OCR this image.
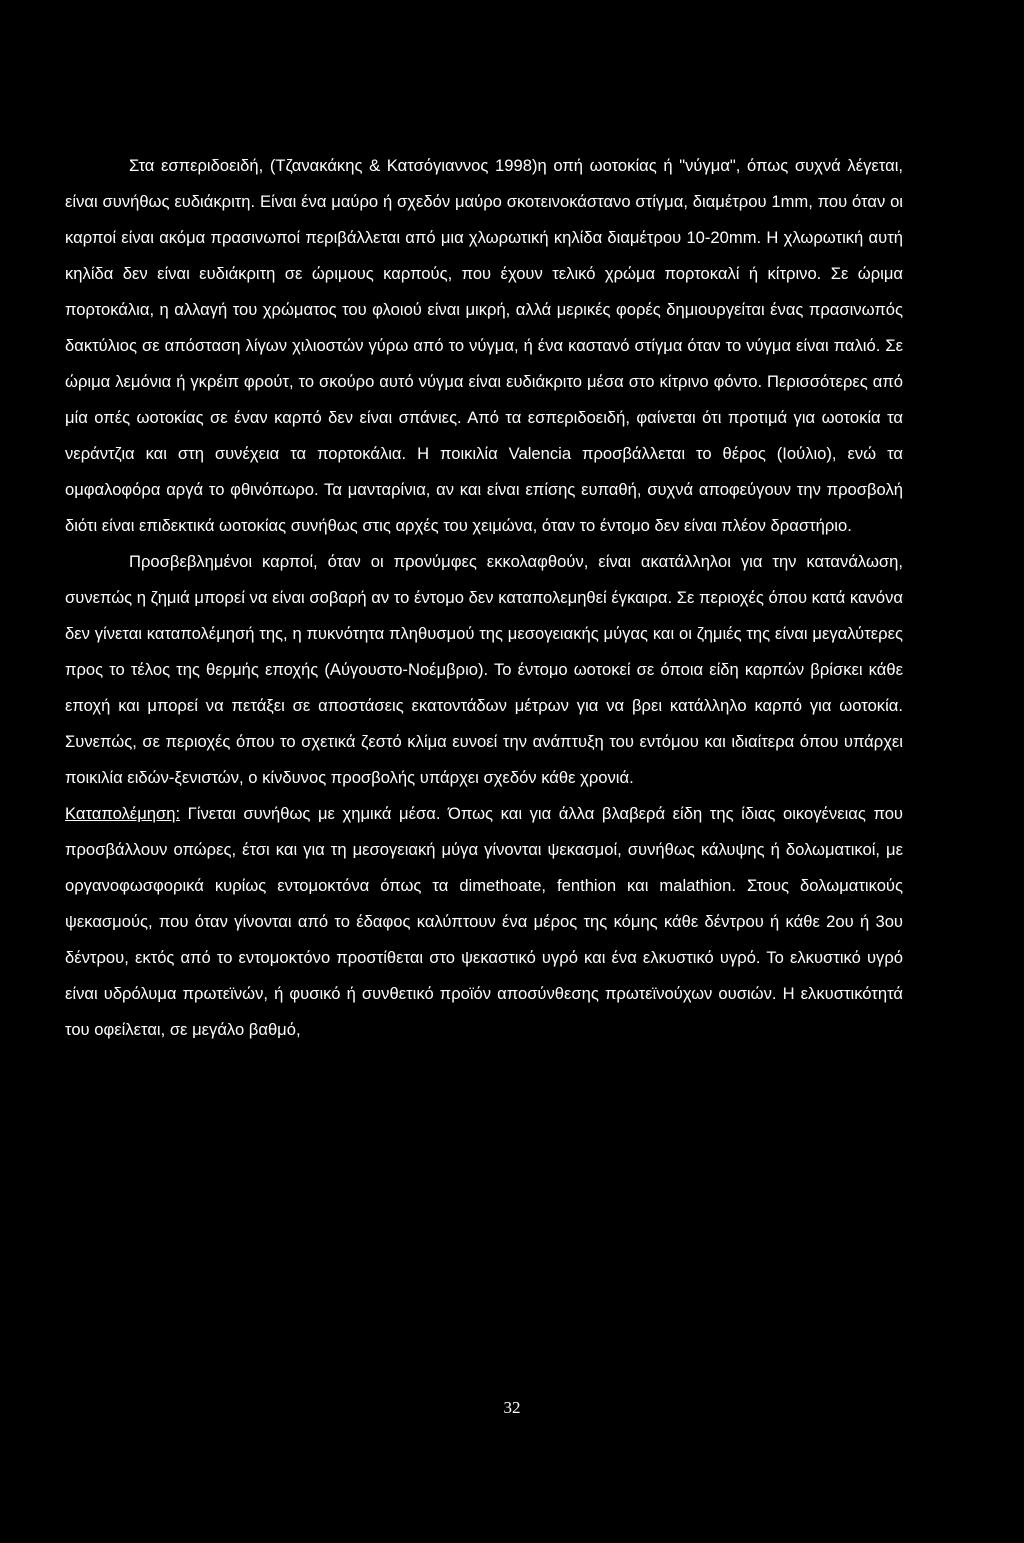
Στα εσπεριδοειδή, (Τζανακάκης & Κατσόγιαννος 1998)η οπή ωοτοκίας ή "νύγμα", όπως συχνά λέγεται, είναι συνήθως ευδιάκριτη. Είναι ένα μαύρο ή σχεδόν μαύρο σκοτεινοκάστανο στίγμα, διαμέτρου 1mm, που όταν οι καρποί είναι ακόμα πρασινωποί περιβάλλεται από μια χλωρωτική κηλίδα διαμέτρου 10-20mm. Η χλωρωτική αυτή κηλίδα δεν είναι ευδιάκριτη σε ώριμους καρπούς, που έχουν τελικό χρώμα πορτοκαλί ή κίτρινο. Σε ώριμα πορτοκάλια, η αλλαγή του χρώματος του φλοιού είναι μικρή, αλλά μερικές φορές δημιουργείται ένας πρασινωπός δακτύλιος σε απόσταση λίγων χιλιοστών γύρω από το νύγμα, ή ένα καστανό στίγμα όταν το νύγμα είναι παλιό. Σε ώριμα λεμόνια ή γκρέιπ φρούτ, το σκούρο αυτό νύγμα είναι ευδιάκριτο μέσα στο κίτρινο φόντο. Περισσότερες από μία οπές ωοτοκίας σε έναν καρπό δεν είναι σπάνιες. Από τα εσπεριδοειδή, φαίνεται ότι προτιμά για ωοτοκία τα νεράντζια και στη συνέχεια τα πορτοκάλια. Η ποικιλία Valencia προσβάλλεται το θέρος (Ιούλιο), ενώ τα ομφαλοφόρα αργά το φθινόπωρο. Τα μανταρίνια, αν και είναι επίσης ευπαθή, συχνά αποφεύγουν την προσβολή διότι είναι επιδεκτικά ωοτοκίας συνήθως στις αρχές του χειμώνα, όταν το έντομο δεν είναι πλέον δραστήριο.

Προσβεβλημένοι καρποί, όταν οι προνύμφες εκκολαφθούν, είναι ακατάλληλοι για την κατανάλωση, συνεπώς η ζημιά μπορεί να είναι σοβαρή αν το έντομο δεν καταπολεμηθεί έγκαιρα. Σε περιοχές όπου κατά κανόνα δεν γίνεται καταπολέμησή της, η πυκνότητα πληθυσμού της μεσογειακής μύγας και οι ζημιές της είναι μεγαλύτερες προς το τέλος της θερμής εποχής (Αύγουστο-Νοέμβριο). Το έντομο ωοτοκεί σε όποια είδη καρπών βρίσκει κάθε εποχή και μπορεί να πετάξει σε αποστάσεις εκατοντάδων μέτρων για να βρει κατάλληλο καρπό για ωοτοκία. Συνεπώς, σε περιοχές όπου το σχετικά ζεστό κλίμα ευνοεί την ανάπτυξη του εντόμου και ιδιαίτερα όπου υπάρχει ποικιλία ειδών-ξενιστών, ο κίνδυνος προσβολής υπάρχει σχεδόν κάθε χρονιά.

Καταπολέμηση: Γίνεται συνήθως με χημικά μέσα. Όπως και για άλλα βλαβερά είδη της ίδιας οικογένειας που προσβάλλουν οπώρες, έτσι και για τη μεσογειακή μύγα γίνονται ψεκασμοί, συνήθως κάλυψης ή δολωματικοί, με οργανοφωσφορικά κυρίως εντομοκτόνα όπως τα dimethoate, fenthion και malathion. Στους δολωματικούς ψεκασμούς, που όταν γίνονται από το έδαφος καλύπτουν ένα μέρος της κόμης κάθε δέντρου ή κάθε 2ου ή 3ου δέντρου, εκτός από το εντομοκτόνο προστίθεται στο ψεκαστικό υγρό και ένα ελκυστικό υγρό. Το ελκυστικό υγρό είναι υδρόλυμα πρωτεϊνών, ή φυσικό ή συνθετικό προϊόν αποσύνθεσης πρωτεϊνούχων ουσιών. Η ελκυστικότητά του οφείλεται, σε μεγάλο βαθμό,

32
